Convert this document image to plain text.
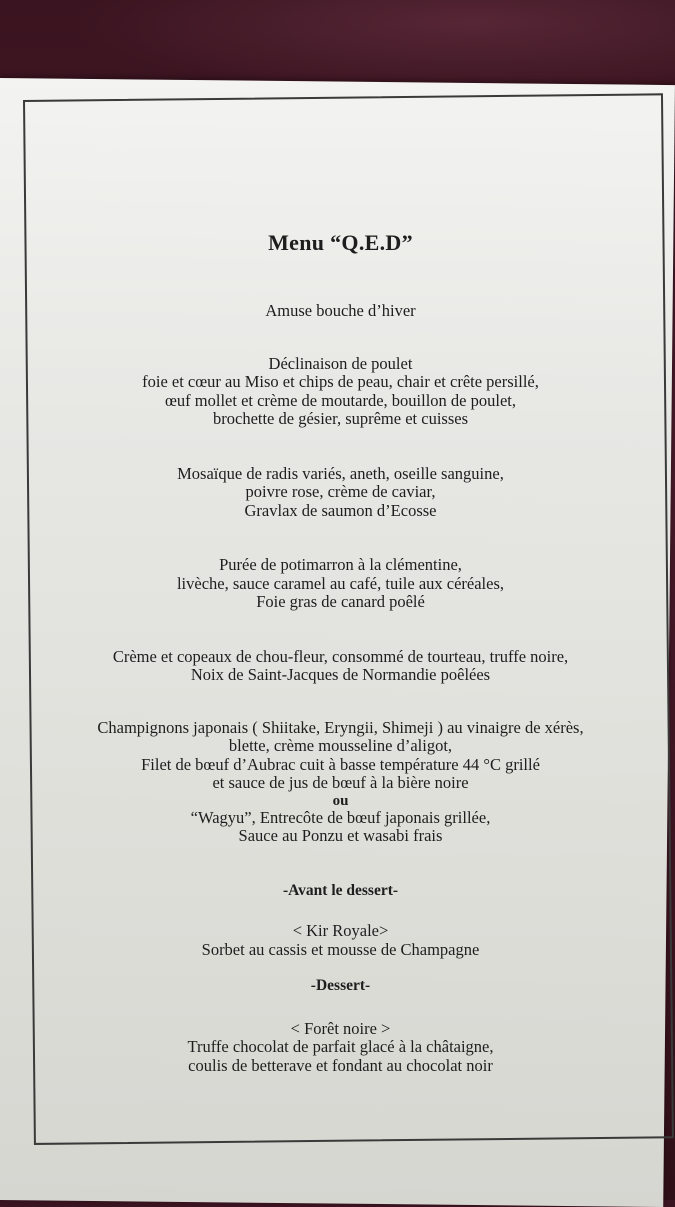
Menu “Q.E.D”

Amuse bouche d’hiver

Déclinaison de poulet

foie et cœur au Miso et chips de peau, chair et crête persillé,

œuf mollet et crème de moutarde, bouillon de poulet,

brochette de gésier, suprême et cuisses

Mosaïque de radis variés, aneth, oseille sanguine,

poivre rose, crème de caviar,

Gravlax de saumon d’Ecosse

Purée de potimarron à la clémentine,

livèche, sauce caramel au café, tuile aux céréales,

Foie gras de canard poêlé

Crème et copeaux de chou-fleur, consommé de tourteau, truffe noire,

Noix de Saint-Jacques de Normandie poêlées

Champignons japonais ( Shiitake, Eryngii, Shimeji ) au vinaigre de xérès,

blette, crème mousseline d’aligot,

Filet de bœuf d’Aubrac cuit à basse température 44 °C grillé

et sauce de jus de bœuf à la bière noire

ou

“Wagyu”, Entrecôte de bœuf japonais grillée,

Sauce au Ponzu et wasabi frais

-Avant le dessert-

< Kir Royale>

Sorbet au cassis et mousse de Champagne

-Dessert-

< Forêt noire >

Truffe chocolat de parfait glacé à la châtaigne,

coulis de betterave et fondant au chocolat noir
